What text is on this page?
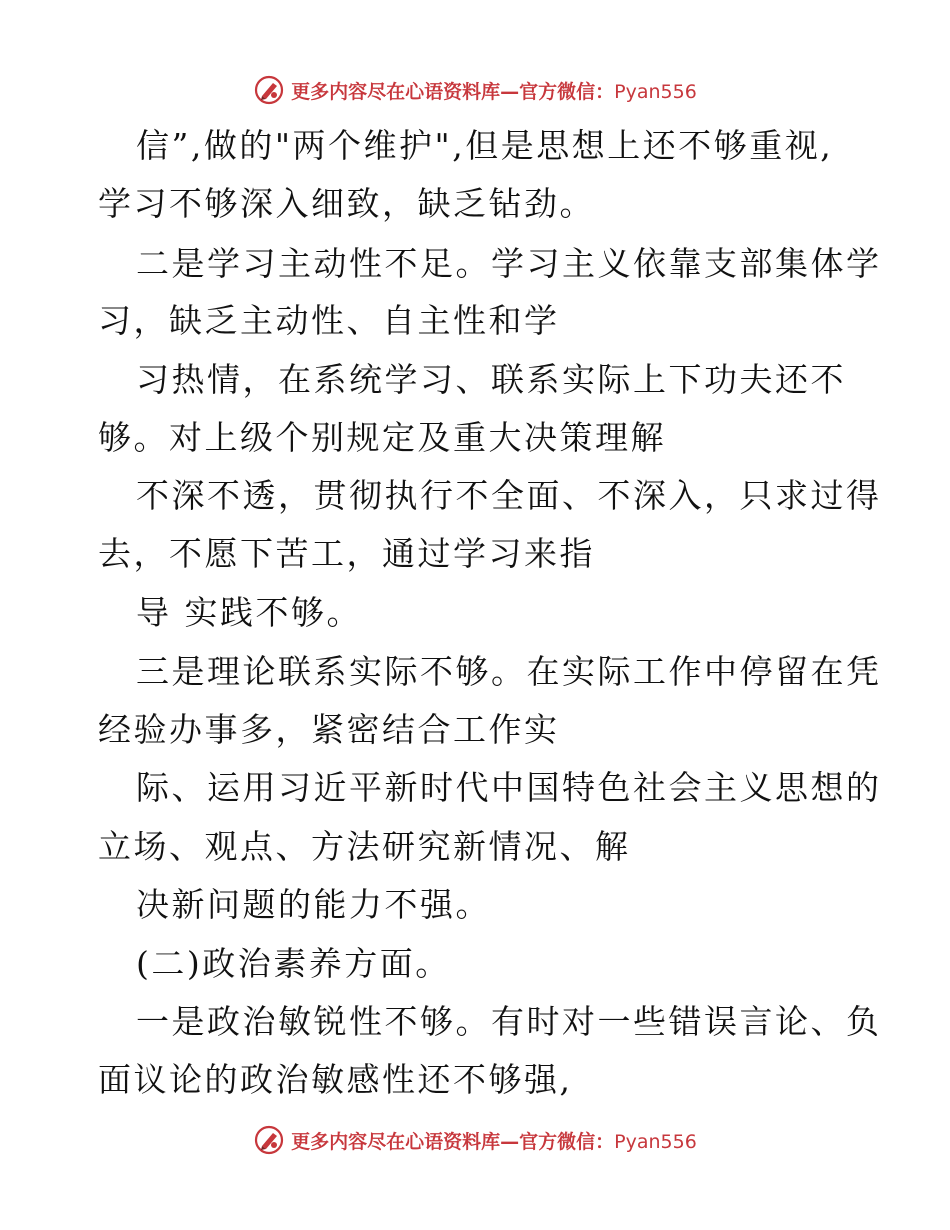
更多内容尽在心语资料库—官方微信：Pyan556
信”,做的"两个维护",但是思想上还不够重视,
学习不够深入细致，缺乏钻劲。
二是学习主动性不足。学习主义依靠支部集体学
习，缺乏主动性、自主性和学
习热情，在系统学习、联系实际上下功夫还不
够。对上级个别规定及重大决策理解
不深不透，贯彻执行不全面、不深入，只求过得
去，不愿下苦工，通过学习来指
导 实践不够。
三是理论联系实际不够。在实际工作中停留在凭
经验办事多，紧密结合工作实
际、运用习近平新时代中国特色社会主义思想的
立场、观点、方法研究新情况、解
决新问题的能力不强。
(二)政治素养方面。
一是政治敏锐性不够。有时对一些错误言论、负
面议论的政治敏感性还不够强,
更多内容尽在心语资料库—官方微信：Pyan556
